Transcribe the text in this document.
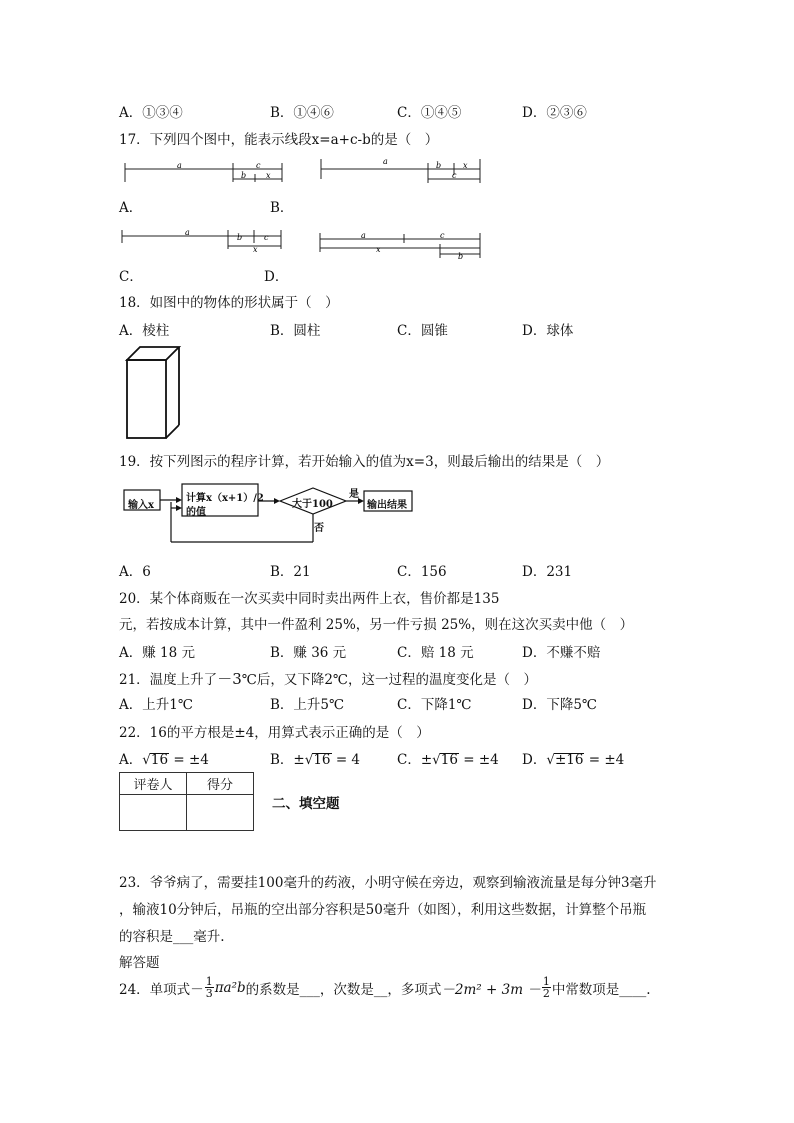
A．①③④	B．①④⑥	C．①④⑤	D．②③⑥
17．下列四个图中，能表示线段x=a+c-b的是（　）
a	c
b x
a	b	x
c
A．	B．
a
b	c
x
a	c
x
b
C．	D．
18．如图中的物体的形状属于（　）
A．棱柱	B．圆柱	C．圆锥	D．球体
19．按下列图示的程序计算，若开始输入的值为x=3，则最后输出的结果是（　）
输入x
计算x（x+1）/2
的值
大于100
是
否
输出结果
A．6	B．21	C．156	D．231
20．某个体商贩在一次买卖中同时卖出两件上衣，售价都是135
元，若按成本计算，其中一件盈利 25%，另一件亏损 25%，则在这次买卖中他（　）
A．赚 18 元	B．赚 36 元	C．赔 18 元	D．不赚不赔
21．温度上升了－3℃后，又下降2℃，这一过程的温度变化是（　）
A．上升1℃	B．上升5℃	C．下降1℃	D．下降5℃
22．16的平方根是±4，用算式表示正确的是（　）
A．√16 = ±4	B．±√16 = 4	C．±√16 = ±4 D．√±16 = ±4
评卷人	得分

二、填空题
23．爷爷病了，需要挂100毫升的药液，小明守候在旁边，观察到输液流量是每分钟3毫升
，输液10分钟后，吊瓶的空出部分容积是50毫升（如图），利用这些数据，计算整个吊瓶
的容积是___毫升.
解答题
24．单项式 － $\frac{1}{3} \pi a^2b$ 的系数是___，次数是__，多项式 $-2m^2 + 3m - \frac{1}{2}$ 中常数项是____.
